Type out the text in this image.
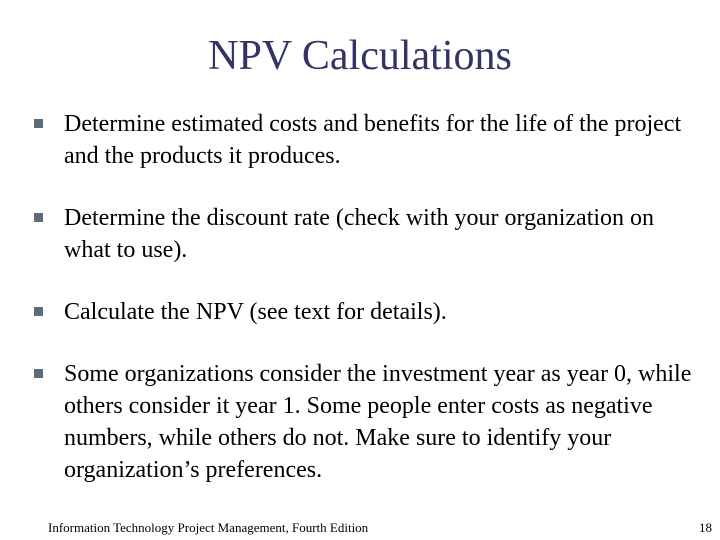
NPV Calculations
Determine estimated costs and benefits for the life of the project and the products it produces.
Determine the discount rate (check with your organization on what to use).
Calculate the NPV (see text for details).
Some organizations consider the investment year as year 0, while others consider it year 1. Some people enter costs as negative numbers, while others do not. Make sure to identify your organization’s preferences.
Information Technology Project Management, Fourth Edition	18
